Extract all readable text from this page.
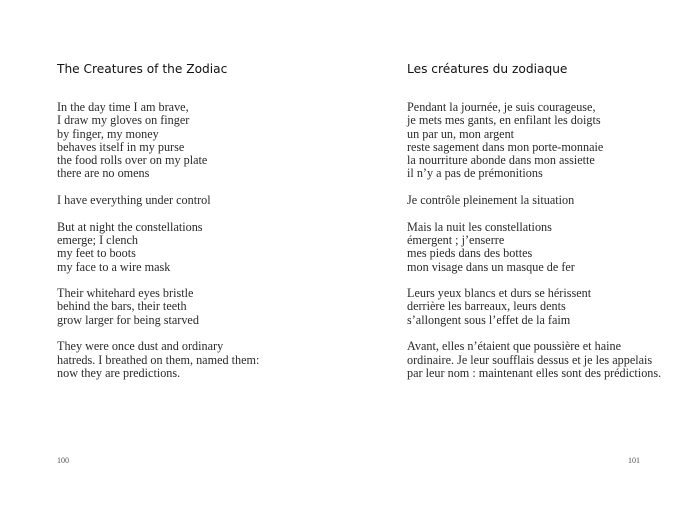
The Creatures of the Zodiac
In the day time I am brave,
I draw my gloves on finger
by finger, my money
behaves itself in my purse
the food rolls over on my plate
there are no omens
I have everything under control
But at night the constellations
emerge; I clench
my feet to boots
my face to a wire mask
Their whitehard eyes bristle
behind the bars, their teeth
grow larger for being starved
They were once dust and ordinary
hatreds. I breathed on them, named them:
now they are predictions.
100
Les créatures du zodiaque
Pendant la journée, je suis courageuse,
je mets mes gants, en enfilant les doigts
un par un, mon argent
reste sagement dans mon porte-monnaie
la nourriture abonde dans mon assiette
il n’y a pas de prémonitions
Je contrôle pleinement la situation
Mais la nuit les constellations
émergent ; j’enserre
mes pieds dans des bottes
mon visage dans un masque de fer
Leurs yeux blancs et durs se hérissent
derrière les barreaux, leurs dents
s’allongent sous l’effet de la faim
Avant, elles n’étaient que poussière et haine
ordinaire. Je leur soufflais dessus et je les appelais
par leur nom : maintenant elles sont des prédictions.
101
